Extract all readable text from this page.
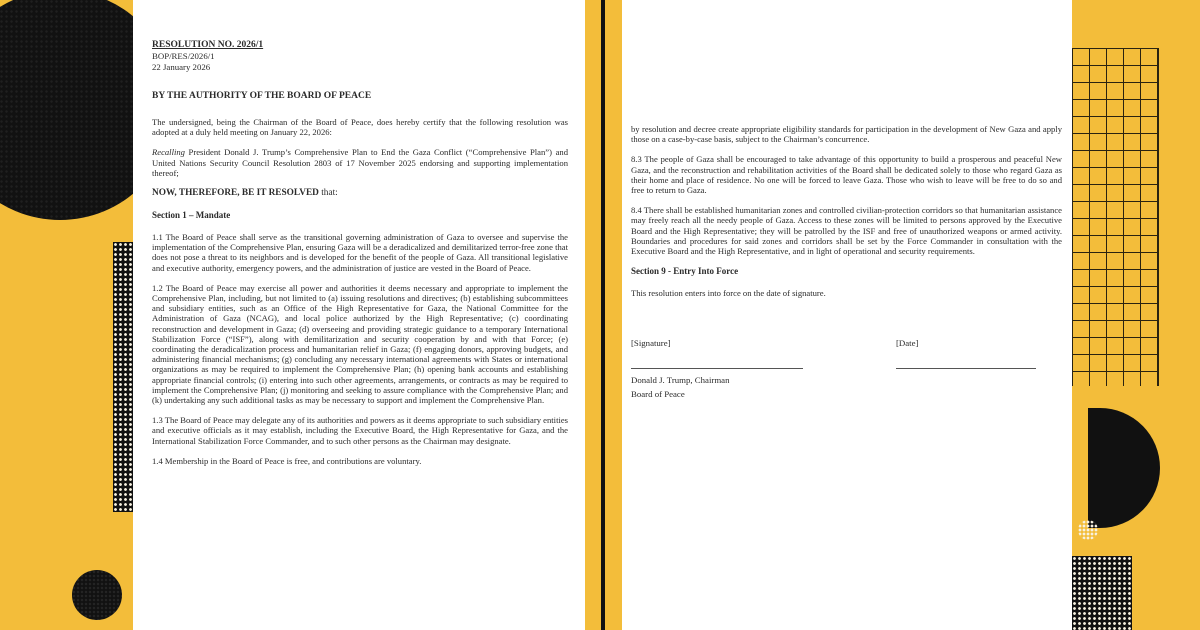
RESOLUTION NO. 2026/1
BOP/RES/2026/1
22 January 2026
BY THE AUTHORITY OF THE BOARD OF PEACE

The undersigned, being the Chairman of the Board of Peace, does hereby certify that the following resolution was adopted at a duly held meeting on January 22, 2026:

Recalling President Donald J. Trump’s Comprehensive Plan to End the Gaza Conflict (“Comprehensive Plan”) and United Nations Security Council Resolution 2803 of 17 November 2025 endorsing and supporting implementation thereof;

NOW, THEREFORE, BE IT RESOLVED that:
Section 1 – Mandate

1.1 The Board of Peace shall serve as the transitional governing administration of Gaza to oversee and supervise the implementation of the Comprehensive Plan, ensuring Gaza will be a deradicalized and demilitarized terror-free zone that does not pose a threat to its neighbors and is developed for the benefit of the people of Gaza. All transitional legislative and executive authority, emergency powers, and the administration of justice are vested in the Board of Peace.

1.2 The Board of Peace may exercise all power and authorities it deems necessary and appropriate to implement the Comprehensive Plan, including, but not limited to (a) issuing resolutions and directives; (b) establishing subcommittees and subsidiary entities, such as an Office of the High Representative for Gaza, the National Committee for the Administration of Gaza (NCAG), and local police authorized by the High Representative; (c) coordinating reconstruction and development in Gaza; (d) overseeing and providing strategic guidance to a temporary International Stabilization Force (“ISF”), along with demilitarization and security cooperation by and with that Force; (e) coordinating the deradicalization process and humanitarian relief in Gaza; (f) engaging donors, approving budgets, and administering financial mechanisms; (g) concluding any necessary international agreements with States or international organizations as may be required to implement the Comprehensive Plan; (h) opening bank accounts and establishing appropriate financial controls; (i) entering into such other agreements, arrangements, or contracts as may be required to implement the Comprehensive Plan; (j) monitoring and seeking to assure compliance with the Comprehensive Plan; and (k) undertaking any such additional tasks as may be necessary to support and implement the Comprehensive Plan.

1.3 The Board of Peace may delegate any of its authorities and powers as it deems appropriate to such subsidiary entities and executive officials as it may establish, including the Executive Board, the High Representative for Gaza, and the International Stabilization Force Commander, and to such other persons as the Chairman may designate.

1.4 Membership in the Board of Peace is free, and contributions are voluntary.

by resolution and decree create appropriate eligibility standards for participation in the development of New Gaza and apply those on a case-by-case basis, subject to the Chairman’s concurrence.

8.3 The people of Gaza shall be encouraged to take advantage of this opportunity to build a prosperous and peaceful New Gaza, and the reconstruction and rehabilitation activities of the Board shall be dedicated solely to those who regard Gaza as their home and place of residence. No one will be forced to leave Gaza. Those who wish to leave will be free to do so and free to return to Gaza.

8.4 There shall be established humanitarian zones and controlled civilian-protection corridors so that humanitarian assistance may freely reach all the needy people of Gaza. Access to these zones will be limited to persons approved by the Executive Board and the High Representative; they will be patrolled by the ISF and free of unauthorized weapons or armed activity. Boundaries and procedures for said zones and corridors shall be set by the Force Commander in consultation with the Executive Board and the High Representative, and in light of operational and security requirements.

Section 9 - Entry Into Force

This resolution enters into force on the date of signature.

[Signature]	[Date]
Donald J. Trump, Chairman
Board of Peace
